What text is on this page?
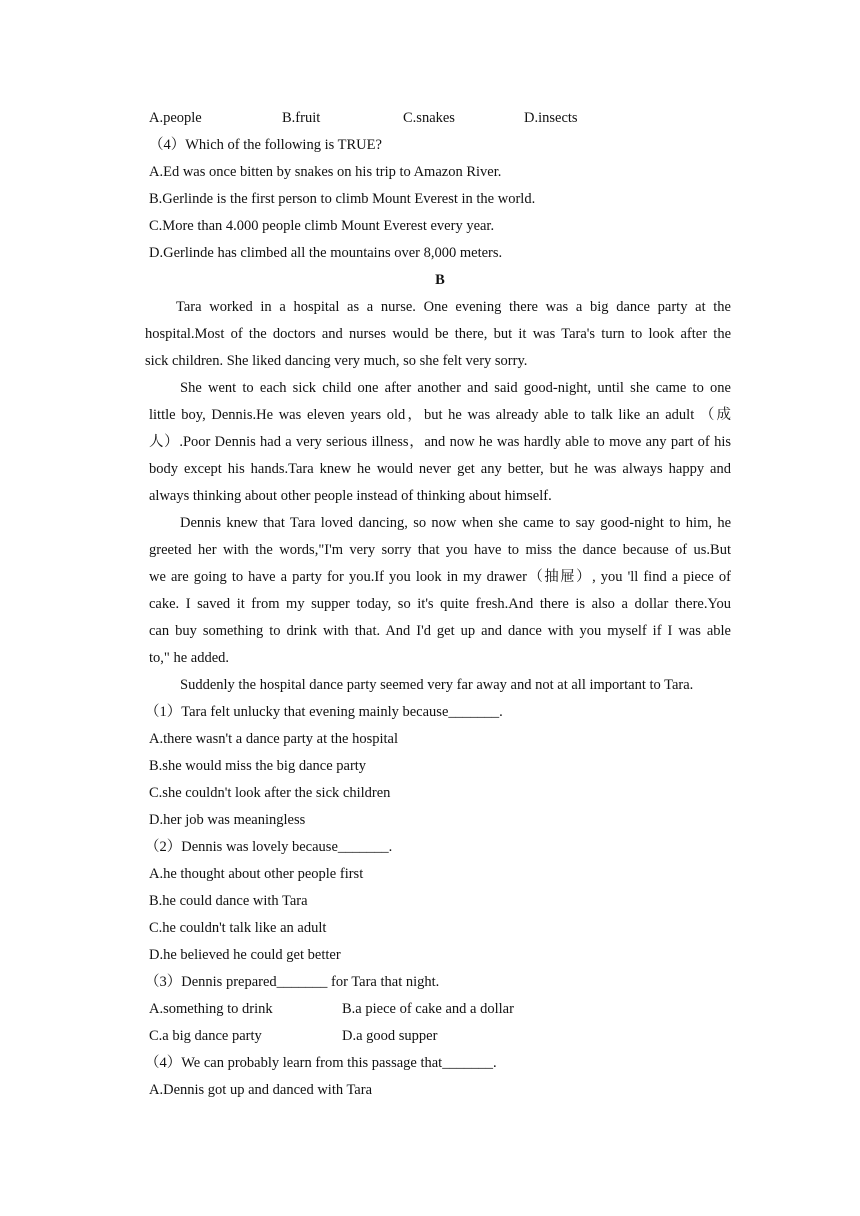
A.people	B.fruit	C.snakes	D.insects
（4）Which of the following is TRUE?
A.Ed was once bitten by snakes on his trip to Amazon River.
B.Gerlinde is the first person to climb Mount Everest in the world.
C.More than 4.000 people climb Mount Everest every year.
D.Gerlinde has climbed all the mountains over 8,000 meters.
B
Tara worked in a hospital as a nurse. One evening there was a big dance party at the
hospital.Most of the doctors and nurses would be there, but it was Tara's turn to look after the
sick children. She liked dancing very much, so she felt very sorry.
She went to each sick child one after another and said good-night, until she came to one
little boy, Dennis.He was eleven years old，but he was already able to talk like an adult （成
人）.Poor Dennis had a very serious illness，and now he was hardly able to move any part of his
body except his hands.Tara knew he would never get any better, but he was always happy and
always thinking about other people instead of thinking about himself.
Dennis knew that Tara loved dancing, so now when she came to say good-night to him, he
greeted her with the words,"I'm very sorry that you have to miss the dance because of us.But
we are going to have a party for you.If you look in my drawer（抽屉）, you 'll find a piece of
cake. I saved it from my supper today, so it's quite fresh.And there is also a dollar there.You
can buy something to drink with that. And I'd get up and dance with you myself if I was able
to," he added.
Suddenly the hospital dance party seemed very far away and not at all important to Tara.
（1）Tara felt unlucky that evening mainly because_______.
A.there wasn't a dance party at the hospital
B.she would miss the big dance party
C.she couldn't look after the sick children
D.her job was meaningless
（2）Dennis was lovely because_______.
A.he thought about other people first
B.he could dance with Tara
C.he couldn't talk like an adult
D.he believed he could get better
（3）Dennis prepared_______ for Tara that night.
A.something to drink	B.a piece of cake and a dollar
C.a big dance party	D.a good supper
（4）We can probably learn from this passage that_______.
A.Dennis got up and danced with Tara
